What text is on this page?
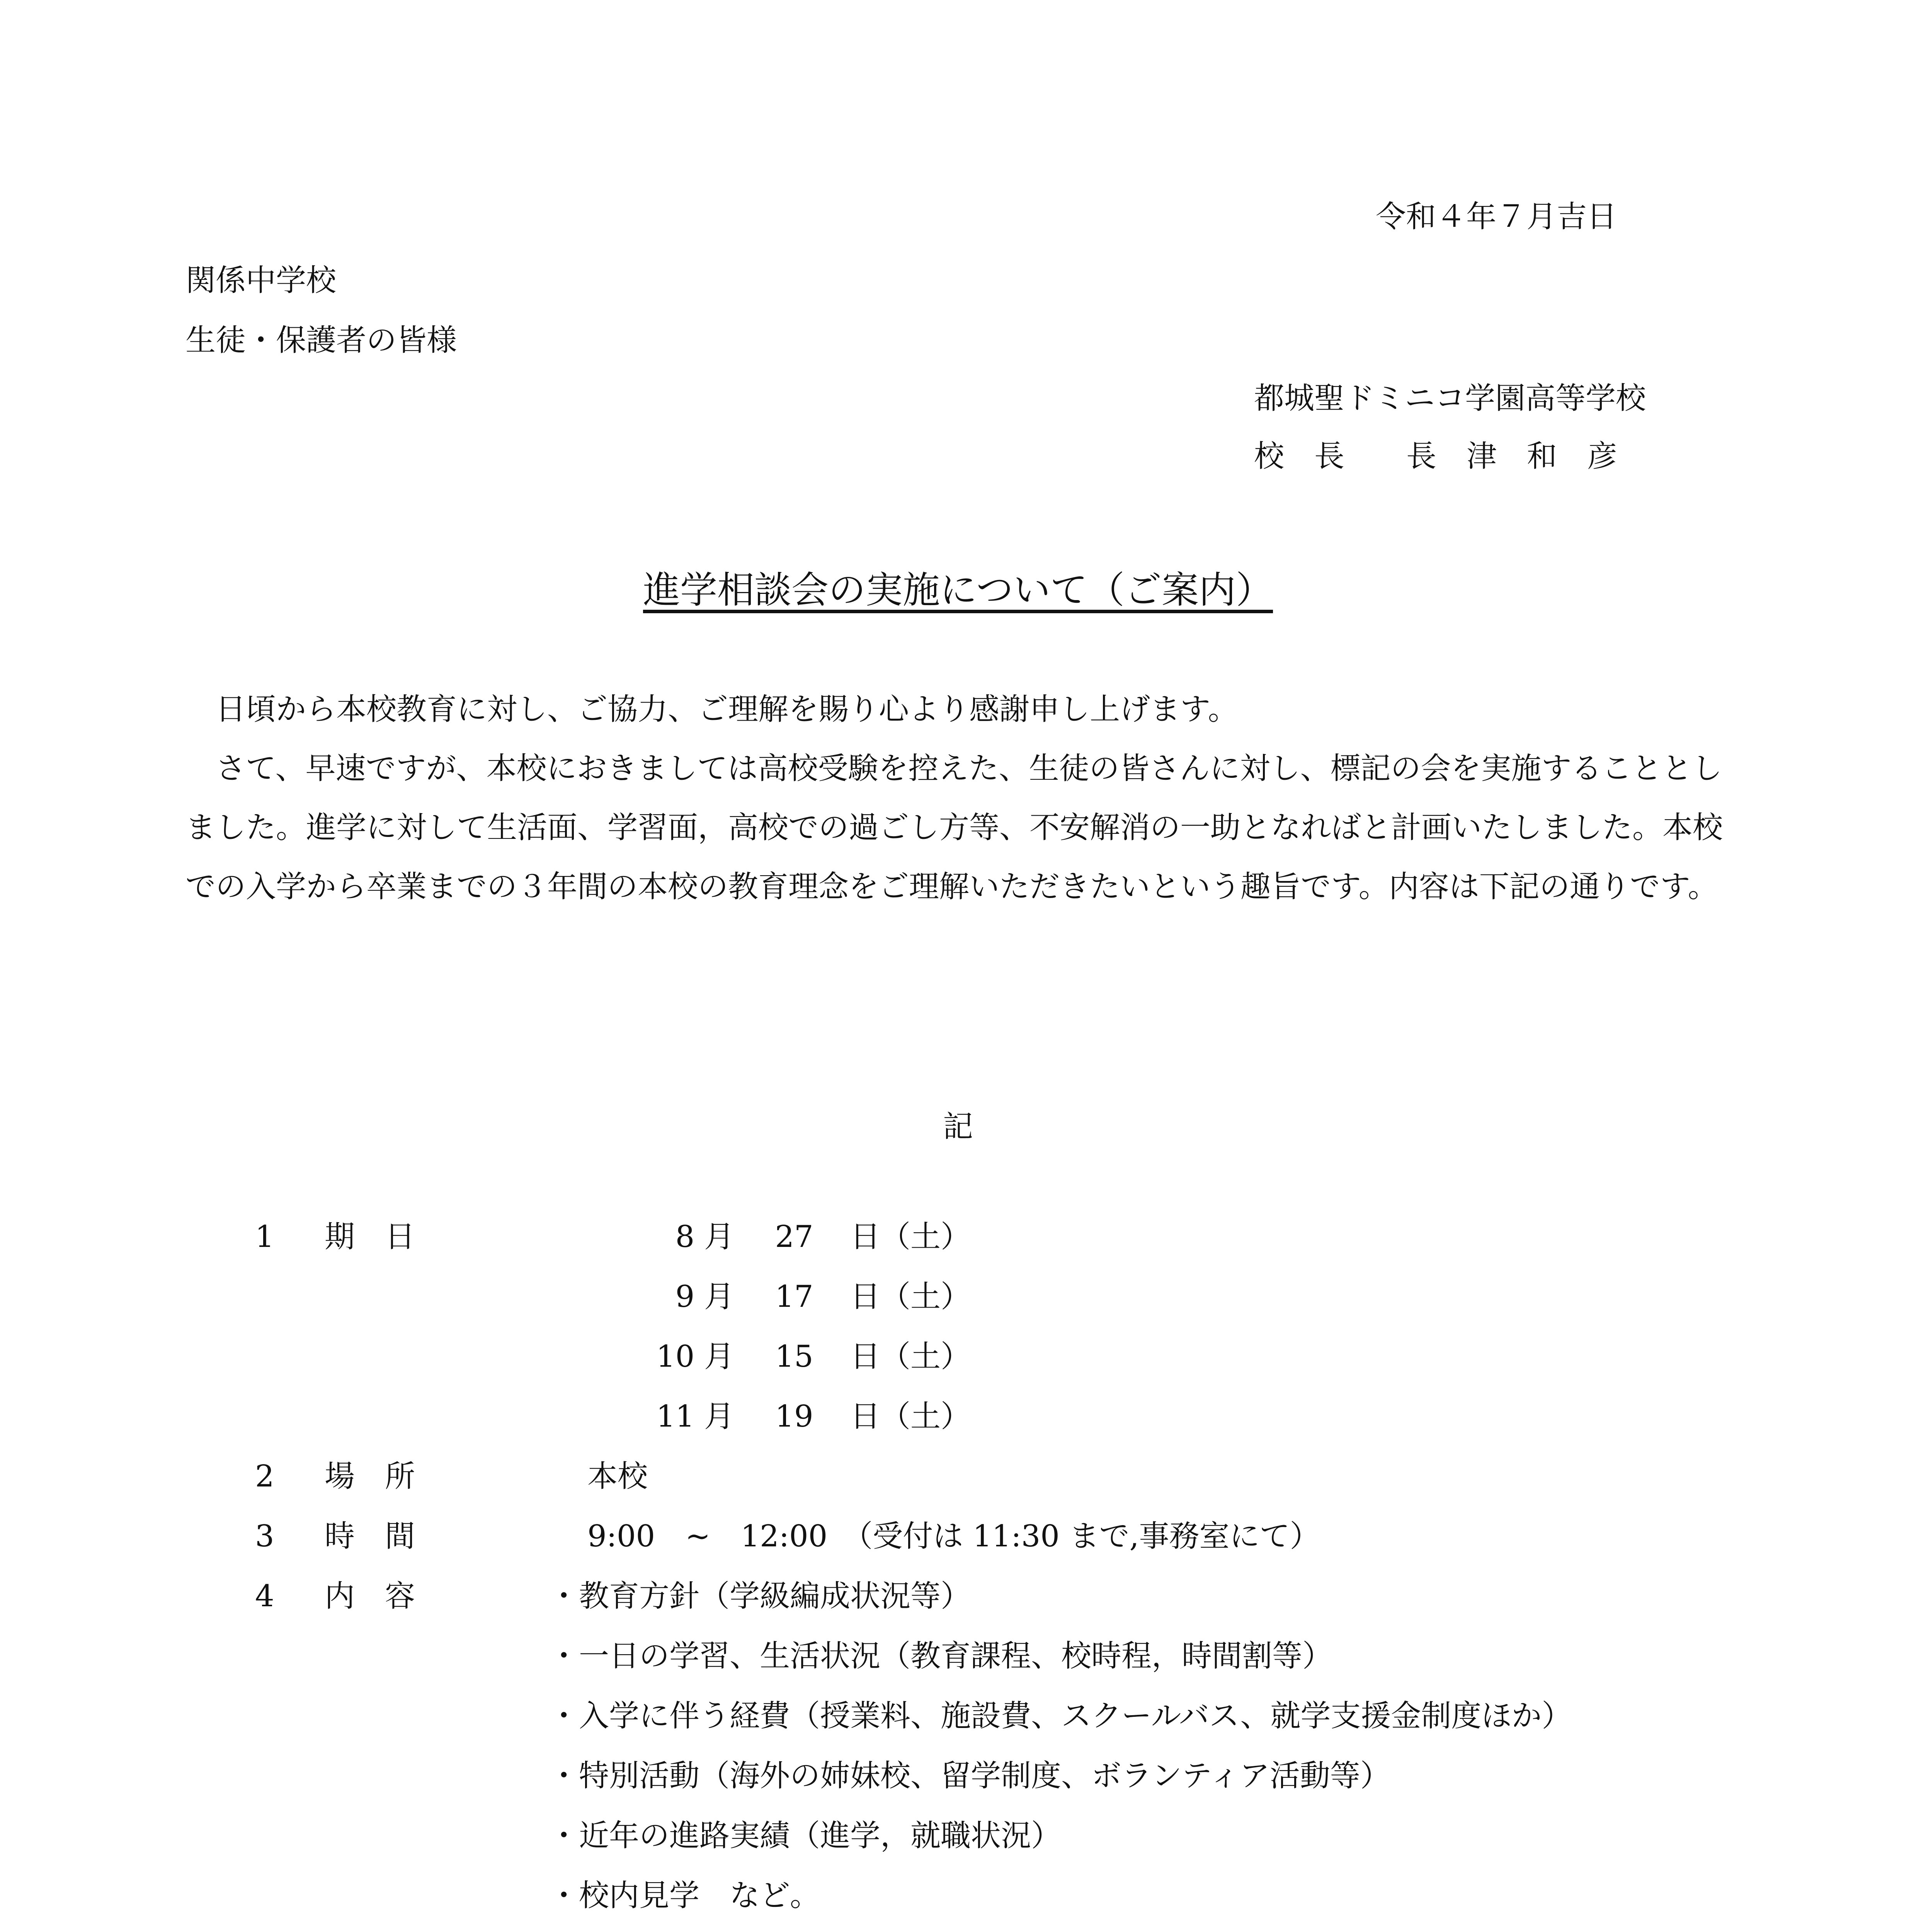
令和４年７月吉日
関係中学校
生徒・保護者の皆様
都城聖ドミニコ学園高等学校
校　長 長　津　和　彦
進学相談会の実施について（ご案内）

日頃から本校教育に対し、ご協力、ご理解を賜り心より感謝申し上げます。

さて、早速ですが、本校におきましては高校受験を控えた、生徒の皆さんに対し、標記の会を実施することとしました。進学に対して生活面、学習面，高校での過ごし方等、不安解消の一助となればと計画いたしました。本校での入学から卒業までの３年間の本校の教育理念をご理解いただきたいという趣旨です。内容は下記の通りです。

記
1 期　日	8 月 27 日（土）
9 月 17 日（土）
10 月 15 日（土）
11 月 19 日（土）
2 場　所	本校
3 時　間	9:00　~　12:00　（受付は 11:30 まで,事務室にて）
4 内　容	・教育方針（学級編成状況等）
・一日の学習、生活状況（教育課程、校時程，時間割等）
・入学に伴う経費（授業料、施設費、スクールバス、就学支援金制度ほか）
・特別活動（海外の姉妹校、留学制度、ボランティア活動等）
・近年の進路実績（進学，就職状況）
・校内見学　など。
